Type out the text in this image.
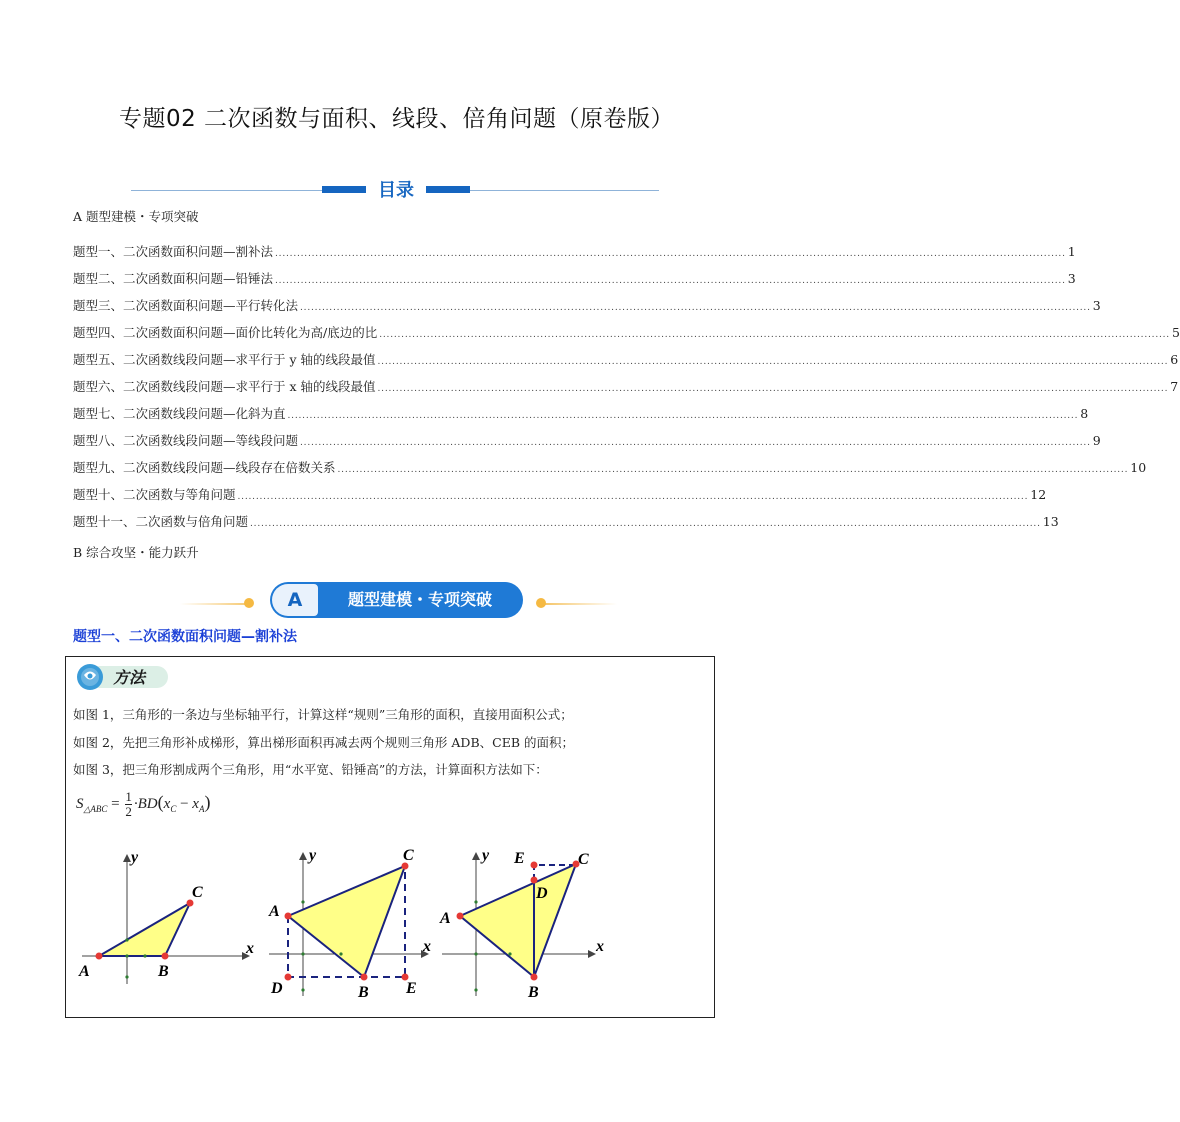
专题02 二次函数与面积、线段、倍角问题（原卷版）
目录
A 题型建模・专项突破
题型一、二次函数面积问题—割补法 ........................................................................................................................................................................................................................ 1
题型二、二次函数面积问题—铅锤法 ........................................................................................................................................................................................................................ 3
题型三、二次函数面积问题—平行转化法 ........................................................................................................................................................................................................................ 3
题型四、二次函数面积问题—面价比转化为高/底边的比 ........................................................................................................................................................................................................................ 5
题型五、二次函数线段问题—求平行于 y 轴的线段最值 ........................................................................................................................................................................................................................ 6
题型六、二次函数线段问题—求平行于 x 轴的线段最值 ........................................................................................................................................................................................................................ 7
题型七、二次函数线段问题—化斜为直 ........................................................................................................................................................................................................................ 8
题型八、二次函数线段问题—等线段问题 ........................................................................................................................................................................................................................ 9
题型九、二次函数线段问题—线段存在倍数关系 ........................................................................................................................................................................................................................ 10
题型十、二次函数与等角问题 ........................................................................................................................................................................................................................ 12
题型十一、二次函数与倍角问题 ........................................................................................................................................................................................................................ 13
B 综合攻坚・能力跃升
A	题型建模・专项突破
题型一、二次函数面积问题—割补法
方法
如图 1，三角形的一条边与坐标轴平行，计算这样“规则”三角形的面积，直接用面积公式；
如图 2，先把三角形补成梯形，算出梯形面积再减去两个规则三角形 ADB、CEB 的面积；
如图 3，把三角形割成两个三角形，用“水平宽、铅锤高”的方法，计算面积方法如下：
$S_{\triangle ABC} = \frac{1}{2} \cdot BD(x_C - x_A)$
y
x
A	B
C
y
x
A
C
B
D	E
y
x
A
C
B
D
E
